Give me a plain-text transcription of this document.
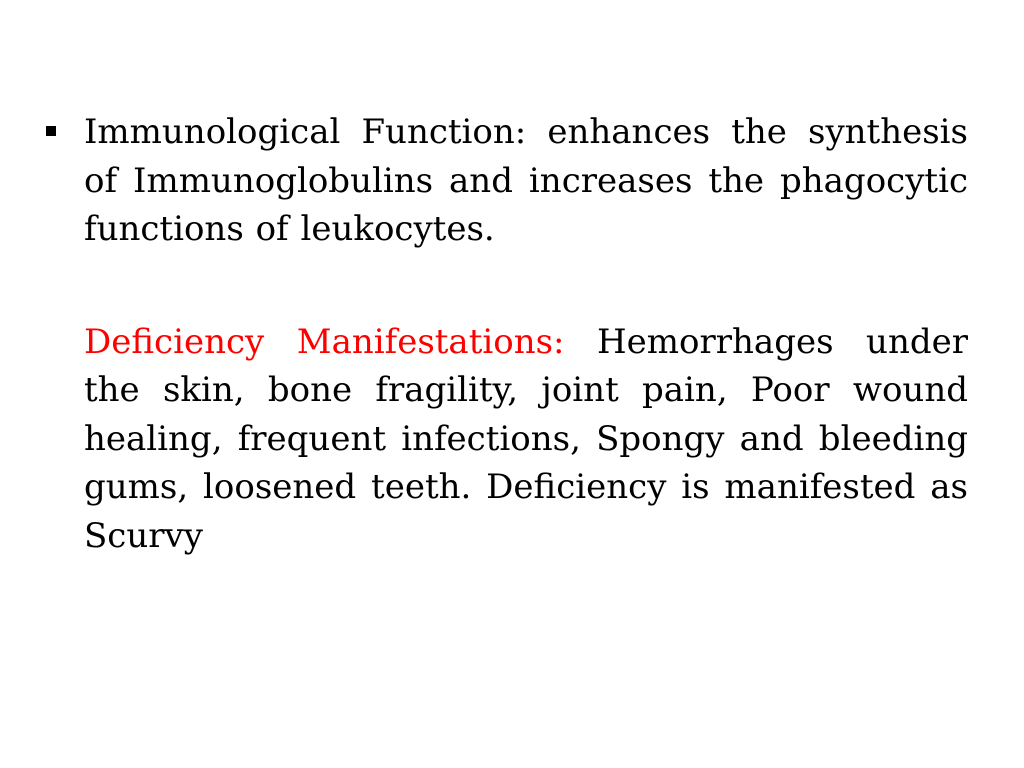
Immunological Function: enhances the synthesis of Immunoglobulins and increases the phagocytic functions of leukocytes.

Deficiency Manifestations: Hemorrhages under the skin, bone fragility, joint pain, Poor wound healing, frequent infections, Spongy and bleeding gums, loosened teeth. Deficiency is manifested as Scurvy
